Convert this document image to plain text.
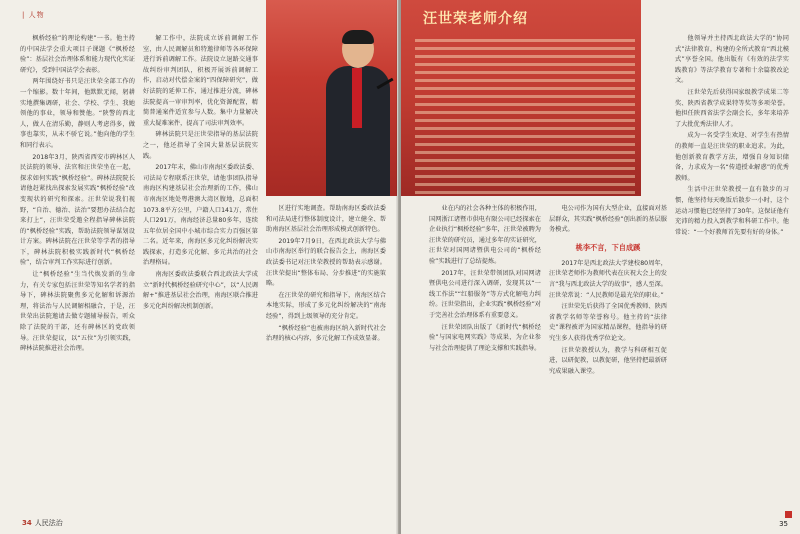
| 人物

枫桥经验”的理论构建”一书。他主持的中国法学会重大项目子课题《“枫桥经验”：基层社会治理体系和能力现代化实证研究》，受到中国法学会表彰。

两年围绕好书只是汪世荣全部工作的一个缩影。数十年间，他默默无闻，躬耕实地撰集调研，社会、学校、学生、我她领他的事业，领导和赞他。“陕警的西北人，做人在清乐勤，静则人考虑得多，做事也靠实，从未不骄它说。”他向他的学生和同行表示。

2018年3月，陕西省西安市碑林区人民法院的领导、法官和汪世荣坐在一起，探求如何实践“枫桥经验”。碑林法院院长请他赶紧找出探索发展实践“枫桥经验”改变现状的研究和探索。汪世荣说我们视野，“自治、德治、法治”要想办法结合起来打上”，汪世荣受邀全程指导碑林法院的“枫桥经验”实践，帮助法院领导谋划设计方案。碑林法院在汪世荣等学者的指导下，碑林法院积极实践新时代“枫桥经验”，结合审判工作实际进行创新。

让“枫桥经验”生当代焕发新的生命力，有关专家包括汪世荣等知名学者的指导下，碑林法院聚焦多元化解和诉源治理，将法治与人民调解相融合，于是，汪世荣出法院邀请去做专题辅导报告，听众除了法院的干部，还有碑林区的党政领导。汪世荣提议，以“五位”为引领实践，碑林法院推进社会治理。

解工作中，法院成立诉前调解工作室，由人民调解员和特邀律师等各环保障进行诉前调解工作。法院设立退路交通事故纠纷审判团队，积极开展诉前调解工作，启动对代偿金案的“四保障研究”，做好法院的延伸工作，通过推进分流，碑林法院提高一审审判率，优化资源配置，精简普通案件适宜参与人数。集中力量解决重大疑难案件，提高了司法审判效率。

碑林法院只是汪世荣指导的基层法院之一，他还指导了全国大量基层法院实践。

2017年末，佛山市南海区委政法委、司法局专程联系汪世荣，请他事团队指导南海区构建基层社会治理新的工作，佛山市南海区地处粤港澳大湾区腹地，总面积1073.8平方公里，户籍人口141万，常住人口291万，南海经济总量80多年，连续五年位居全国中小城市综合实力百强区第二名。近年来，南海区多元化纠纷解决实践探索，打造多元化解、多元共治的社会治理格局。

南海区委政法委联合西北政法大学成立“新时代枫桥经验研究中心”，以“人民调解+”推进基层社会治理，南海区联合推进多元化纠纷解决机制创新。

区进行实地调查。帮助南海区委政法委和司法局进行整体制度设计，建立健全、帮助南海区基层社会治理形成模式创新特色。

2019年7月9日，在西北政法大学与佛山市南海区举行的联合报告会上，南海区委政法委书记对汪世荣教授的帮助表示感谢。汪世荣提出“整体布局、分步推进”的实施策略。

在汪世荣的研究和指导下，南海区结合本地实际，形成了多元化纠纷解决的“南海经验”，得到上级领导的充分肯定。

“枫桥经验”也被南海区纳入新时代社会治理的核心内容，多元化解工作成效显著。

34 人民法治
汪世荣老师介绍

业在内的社会各种主体的积极作用，国网浙江诸暨市供电有限公司已经探索在企业执行“枫桥经验”多年，汪世荣被聘为汪世荣的研究员，通过多年的实证研究，汪世荣对国网诸暨供电公司的“枫桥经验”实践进行了总结提炼。

2017年，汪世荣带领团队对国网诸暨供电公司进行深入调研，发现其以“一线工作法”“红船服务”等方式化解电力纠纷。汪世荣指出，企业实践“枫桥经验”对于完善社会治理体系有重要意义。

汪世荣团队出版了《新时代“枫桥经验”与国家电网实践》等成果，为企业参与社会治理提供了理论支撑和实践指导。

电公司作为国有大型企业，直接面对基层群众，其实践“枫桥经验”创出新的基层服务模式。

桃李不言，下自成蹊

2017年是西北政法大学建校80周年，汪世荣老师作为教师代表在庆祝大会上的发言“我与西北政法大学的故事”，感人至深。汪世荣常说：“人民教师是最光荣的职业。”

汪世荣先后获得了全国优秀教师、陕西省教学名师等荣誉称号。他主持的“法律史”课程被评为国家精品课程，他指导的研究生多人获得优秀学位论文。

汪世荣教授认为，教学与科研相互促进，以研促教，以教促研，他坚持把最新研究成果融入课堂。

他领导并主持西北政法大学的“协同式”法律教育，构建的全所式教育“西北模式”享誉全国。他出版有《有效的法学实践教育》等法学教育专著和十余篇教改论文。

汪世荣先后获得国家级教学成果二等奖、陕西省教学成果特等奖等多项荣誉。他担任陕西省法学会副会长，多年来培养了大批优秀法律人才。

成为一名受学生欢迎、对学生有热情的教师一直是汪世荣的职业追求。为此，他创新教育教学方法，增强自身知识储备，力求成为一名“传道授业解惑”的优秀教师。

生活中汪世荣教授一直有散步的习惯，他坚持每天晚饭后散步一小时，这个运动习惯他已经坚持了30年。这保证他有充沛的精力投入到教学和科研工作中。他常说：“一个好教师首先要有好的身体。”

35
